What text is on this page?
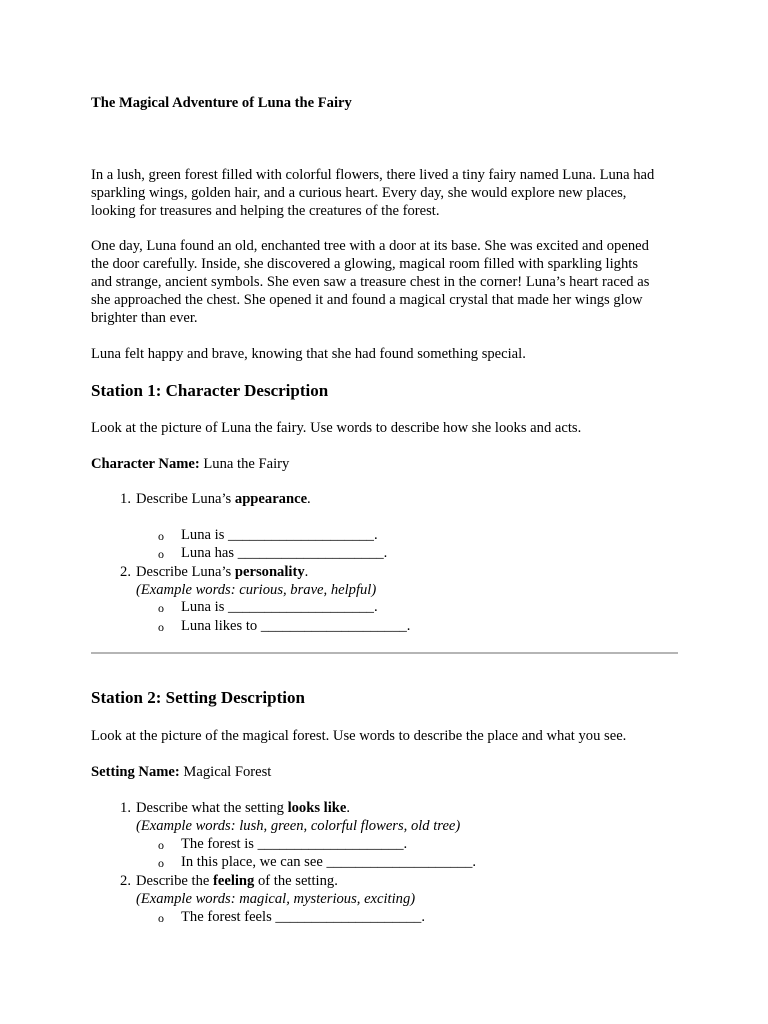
The Magical Adventure of Luna the Fairy

In a lush, green forest filled with colorful flowers, there lived a tiny fairy named Luna. Luna had
sparkling wings, golden hair, and a curious heart. Every day, she would explore new places,
looking for treasures and helping the creatures of the forest.
One day, Luna found an old, enchanted tree with a door at its base. She was excited and opened
the door carefully. Inside, she discovered a glowing, magical room filled with sparkling lights
and strange, ancient symbols. She even saw a treasure chest in the corner! Luna’s heart raced as
she approached the chest. She opened it and found a magical crystal that made her wings glow
brighter than ever.
Luna felt happy and brave, knowing that she had found something special.
Station 1: Character Description
Look at the picture of Luna the fairy. Use words to describe how she looks and acts.
Character Name: Luna the Fairy
1. Describe Luna’s appearance.
o Luna is ____________________.
o Luna has ____________________.
2. Describe Luna’s personality.
(Example words: curious, brave, helpful)
o Luna is ____________________.
o Luna likes to ____________________.
Station 2: Setting Description
Look at the picture of the magical forest. Use words to describe the place and what you see.
Setting Name: Magical Forest
1. Describe what the setting looks like.
(Example words: lush, green, colorful flowers, old tree)
o The forest is ____________________.
o In this place, we can see ____________________.
2. Describe the feeling of the setting.
(Example words: magical, mysterious, exciting)
o The forest feels ____________________.
